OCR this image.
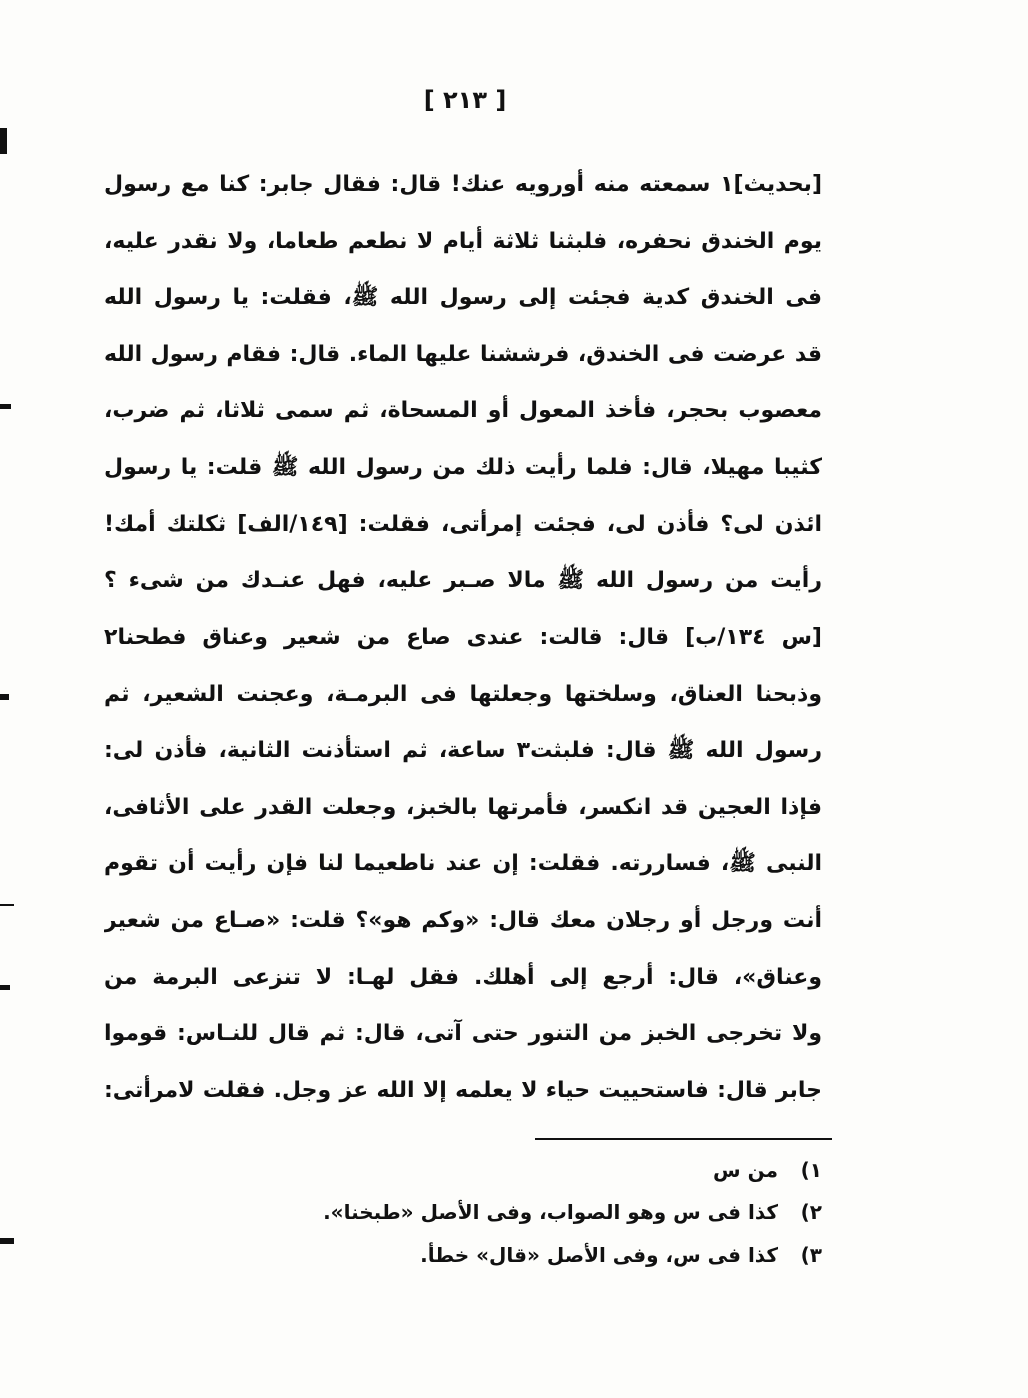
[ ٢١٣ ]
[بحديث]١ سمعته منه أورويه عنك! قال: فقال جابر: كنا مع رسول
يوم الخندق نحفره، فلبثنا ثلاثة أيام لا نطعم طعاما، ولا نقدر عليه،
فى الخندق كدية فجئت إلى رسول الله ﷺ، فقلت: يا رسول الله
قد عرضت فى الخندق، فرششنا عليها الماء. قال: فقام رسول الله
معصوب بحجر، فأخذ المعول أو المسحاة، ثم سمى ثلاثا، ثم ضرب،
كثيبا مهيلا، قال: فلما رأيت ذلك من رسول الله ﷺ قلت: يا رسول
ائذن لى؟ فأذن لى، فجئت إمرأتى، فقلت: [١٤٩/الف] ثكلتك أمك!
رأيت من رسول الله ﷺ مالا صـبر عليه، فهل عنـدك من شىء ؟
[س ١٣٤/ب] قال: قالت: عندى صاع من شعير وعناق فطحنا٢
وذبحنا العناق، وسلختها وجعلتها فى البرمـة، وعجنت الشعير، ثم
رسول الله ﷺ قال: فلبثت٣ ساعة، ثم استأذنت الثانية، فأذن لى:
فإذا العجين قد انكسر، فأمرتها بالخبز، وجعلت القدر على الأثافى،
النبى ﷺ، فساررته. فقلت: إن عند ناطعيما لنا فإن رأيت أن تقوم
أنت ورجل أو رجلان معك قال: «وكم هو»؟ قلت: «صـاع من شعير
وعناق»، قال: أرجع إلى أهلك. فقل لهـا: لا تنزعى البرمة من
ولا تخرجى الخبز من التنور حتى آتى، قال: ثم قال للنـاس: قوموا
جابر قال: فاستحييت حياء لا يعلمه إلا الله عز وجل. فقلت لامرأتى:
١)
من س
٢)
كذا فى س وهو الصواب، وفى الأصل «طبخنا».
٣)
كذا فى س، وفى الأصل «قال» خطأ.
